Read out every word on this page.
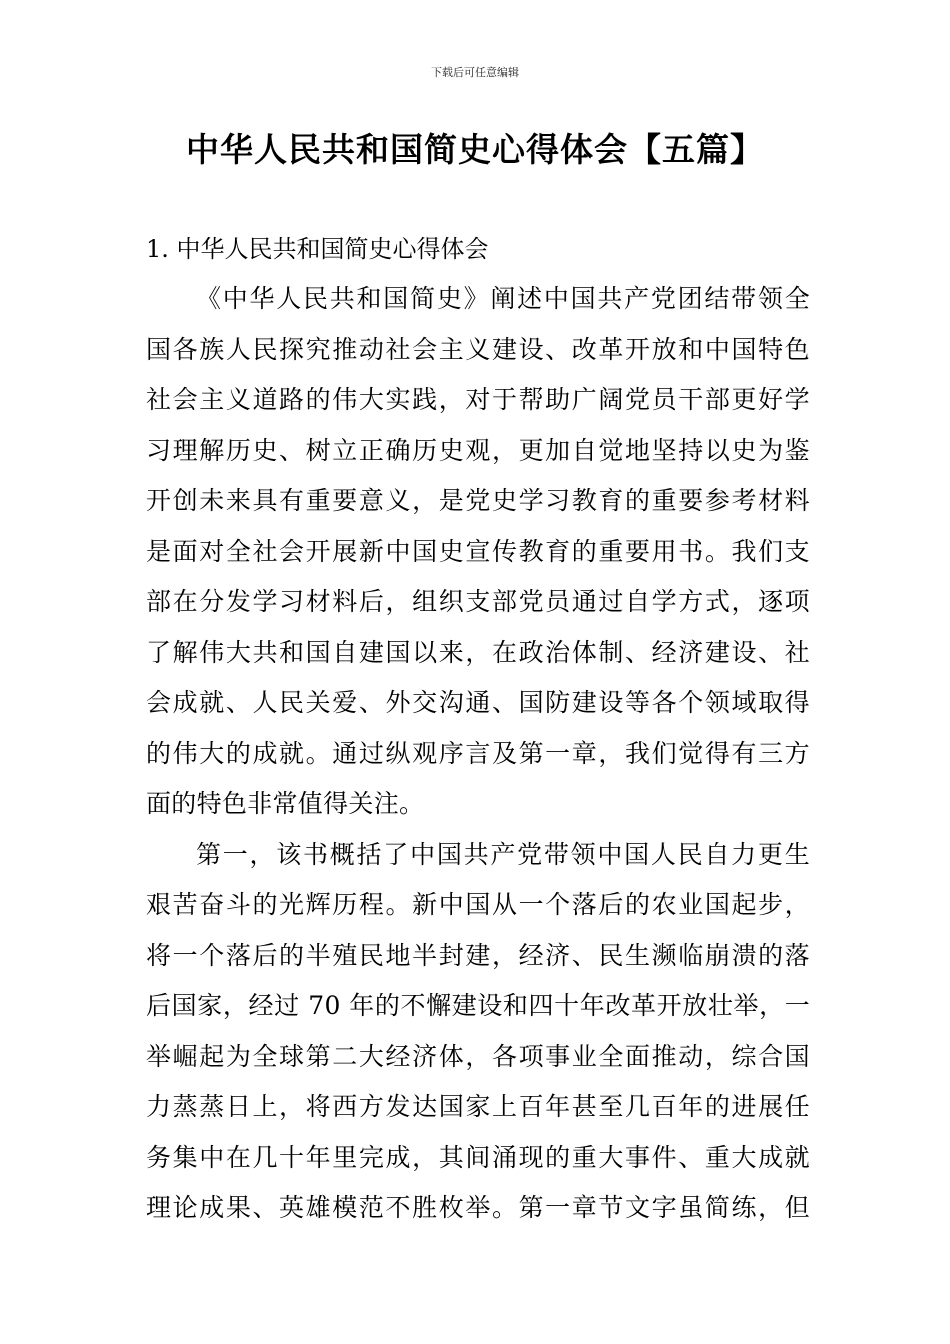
下载后可任意编辑
中华人民共和国简史心得体会【五篇】
1. 中华人民共和国简史心得体会
《中华人民共和国简史》阐述中国共产党团结带领全
国各族人民探究推动社会主义建设、改革开放和中国特色
社会主义道路的伟大实践，对于帮助广阔党员干部更好学
习理解历史、树立正确历史观，更加自觉地坚持以史为鉴
开创未来具有重要意义，是党史学习教育的重要参考材料
是面对全社会开展新中国史宣传教育的重要用书。我们支
部在分发学习材料后，组织支部党员通过自学方式，逐项
了解伟大共和国自建国以来，在政治体制、经济建设、社
会成就、人民关爱、外交沟通、国防建设等各个领域取得
的伟大的成就。通过纵观序言及第一章，我们觉得有三方
面的特色非常值得关注。
第一，该书概括了中国共产党带领中国人民自力更生
艰苦奋斗的光辉历程。新中国从一个落后的农业国起步，
将一个落后的半殖民地半封建，经济、民生濒临崩溃的落
后国家，经过 70 年的不懈建设和四十年改革开放壮举，一
举崛起为全球第二大经济体，各项事业全面推动，综合国
力蒸蒸日上，将西方发达国家上百年甚至几百年的进展任
务集中在几十年里完成，其间涌现的重大事件、重大成就
理论成果、英雄模范不胜枚举。第一章节文字虽简练，但
